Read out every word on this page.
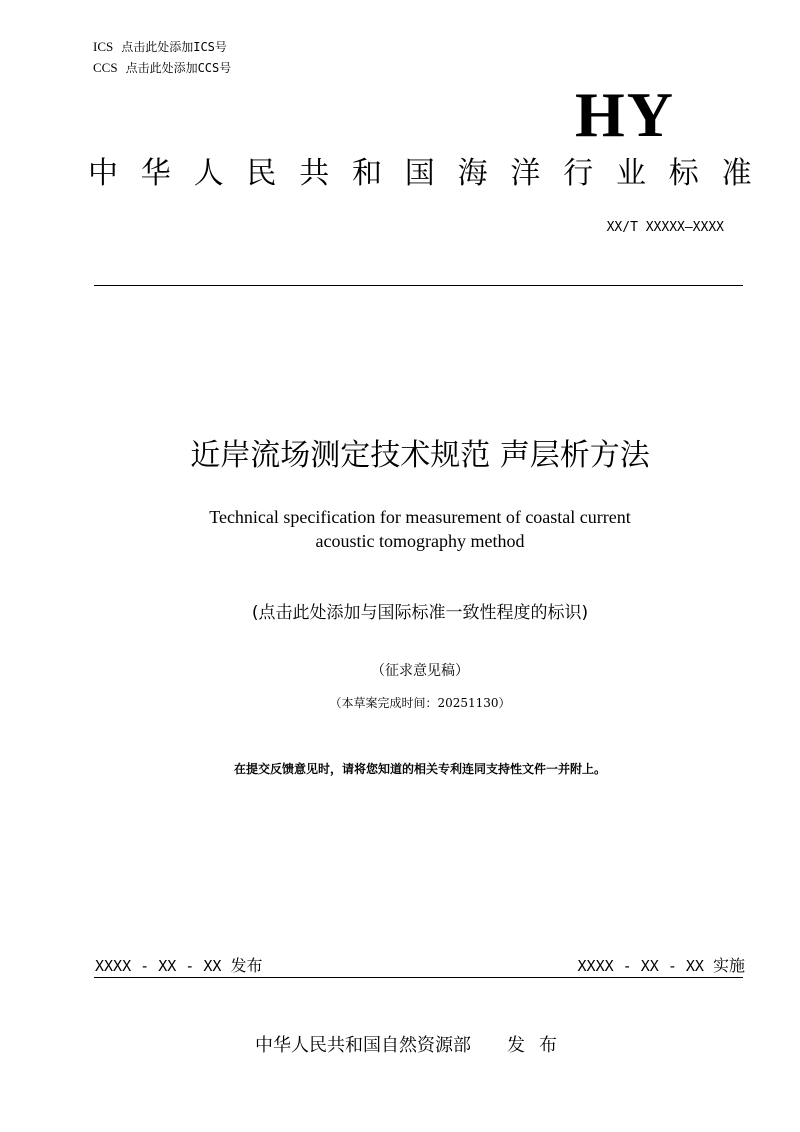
ICS 点击此处添加ICS号
CCS 点击此处添加CCS号
HY
中华人民共和国海洋行业标准
XX/T XXXXX—XXXX
近岸流场测定技术规范 声层析方法
Technical specification for measurement of coastal current
acoustic tomography method
(点击此处添加与国际标准一致性程度的标识)
（征求意见稿）
（本草案完成时间：20251130）
在提交反馈意见时，请将您知道的相关专利连同支持性文件一并附上。
XXXX - XX - XX 发布	XXXX - XX - XX 实施
中华人民共和国自然资源部 发布
